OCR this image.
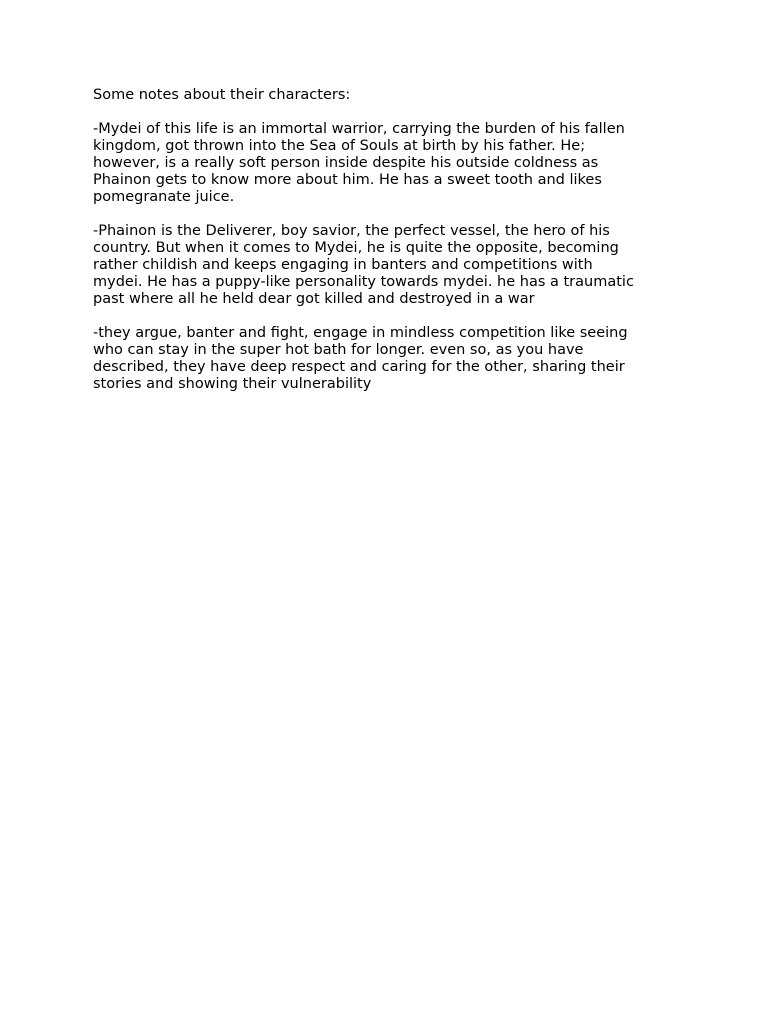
Some notes about their characters:
-Mydei of this life is an immortal warrior, carrying the burden of his fallen
kingdom, got thrown into the Sea of Souls at birth by his father. He;
however, is a really soft person inside despite his outside coldness as
Phainon gets to know more about him. He has a sweet tooth and likes
pomegranate juice.
-Phainon is the Deliverer, boy savior, the perfect vessel, the hero of his
country. But when it comes to Mydei, he is quite the opposite, becoming
rather childish and keeps engaging in banters and competitions with
mydei. He has a puppy-like personality towards mydei. he has a traumatic
past where all he held dear got killed and destroyed in a war
-they argue, banter and fight, engage in mindless competition like seeing
who can stay in the super hot bath for longer. even so, as you have
described, they have deep respect and caring for the other, sharing their
stories and showing their vulnerability
